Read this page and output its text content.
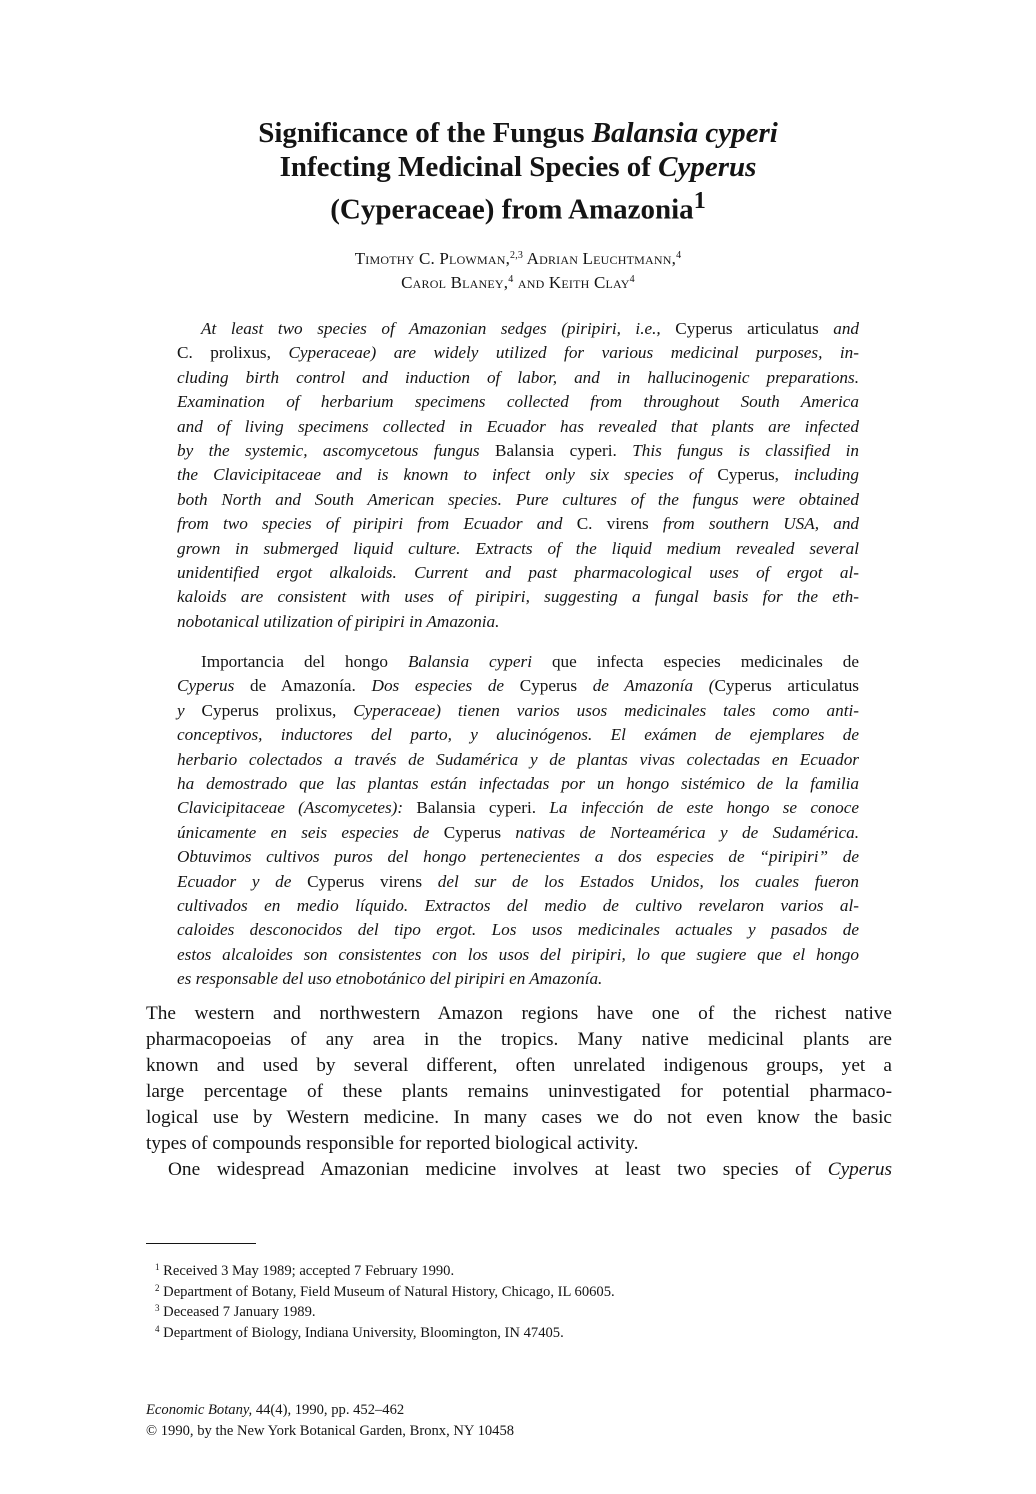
Significance of the Fungus Balansia cyperi
Infecting Medicinal Species of Cyperus
(Cyperaceae) from Amazonia$^1$
Timothy C. Plowman,$^{2,3}$ Adrian Leuchtmann,$^4$
Carol Blaney,$^4$ and Keith Clay$^4$
At least two species of Amazonian sedges (piripiri, i.e., Cyperus articulatus and
C. prolixus, Cyperaceae) are widely utilized for various medicinal purposes, in-
cluding birth control and induction of labor, and in hallucinogenic preparations.
Examination of herbarium specimens collected from throughout South America
and of living specimens collected in Ecuador has revealed that plants are infected
by the systemic, ascomycetous fungus Balansia cyperi. This fungus is classified in
the Clavicipitaceae and is known to infect only six species of Cyperus, including
both North and South American species. Pure cultures of the fungus were obtained
from two species of piripiri from Ecuador and C. virens from southern USA, and
grown in submerged liquid culture. Extracts of the liquid medium revealed several
unidentified ergot alkaloids. Current and past pharmacological uses of ergot al-
kaloids are consistent with uses of piripiri, suggesting a fungal basis for the eth-
nobotanical utilization of piripiri in Amazonia.
Importancia del hongo Balansia cyperi que infecta especies medicinales de
Cyperus de Amazonía. Dos especies de Cyperus de Amazonía (Cyperus articulatus
y Cyperus prolixus, Cyperaceae) tienen varios usos medicinales tales como anti-
conceptivos, inductores del parto, y alucinógenos. El exámen de ejemplares de
herbario colectados a través de Sudamérica y de plantas vivas colectadas en Ecuador
ha demostrado que las plantas están infectadas por un hongo sistémico de la familia
Clavicipitaceae (Ascomycetes): Balansia cyperi. La infección de este hongo se conoce
únicamente en seis especies de Cyperus nativas de Norteamérica y de Sudamérica.
Obtuvimos cultivos puros del hongo pertenecientes a dos especies de “piripiri” de
Ecuador y de Cyperus virens del sur de los Estados Unidos, los cuales fueron
cultivados en medio líquido. Extractos del medio de cultivo revelaron varios al-
caloides desconocidos del tipo ergot. Los usos medicinales actuales y pasados de
estos alcaloides son consistentes con los usos del piripiri, lo que sugiere que el hongo
es responsable del uso etnobotánico del piripiri en Amazonía.
The western and northwestern Amazon regions have one of the richest native
pharmacopoeias of any area in the tropics. Many native medicinal plants are
known and used by several different, often unrelated indigenous groups, yet a
large percentage of these plants remains uninvestigated for potential pharmaco-
logical use by Western medicine. In many cases we do not even know the basic
types of compounds responsible for reported biological activity.
One widespread Amazonian medicine involves at least two species of Cyperus
$^1$ Received 3 May 1989; accepted 7 February 1990.
$^2$ Department of Botany, Field Museum of Natural History, Chicago, IL 60605.
$^3$ Deceased 7 January 1989.
$^4$ Department of Biology, Indiana University, Bloomington, IN 47405.
Economic Botany, 44(4), 1990, pp. 452–462
© 1990, by the New York Botanical Garden, Bronx, NY 10458
